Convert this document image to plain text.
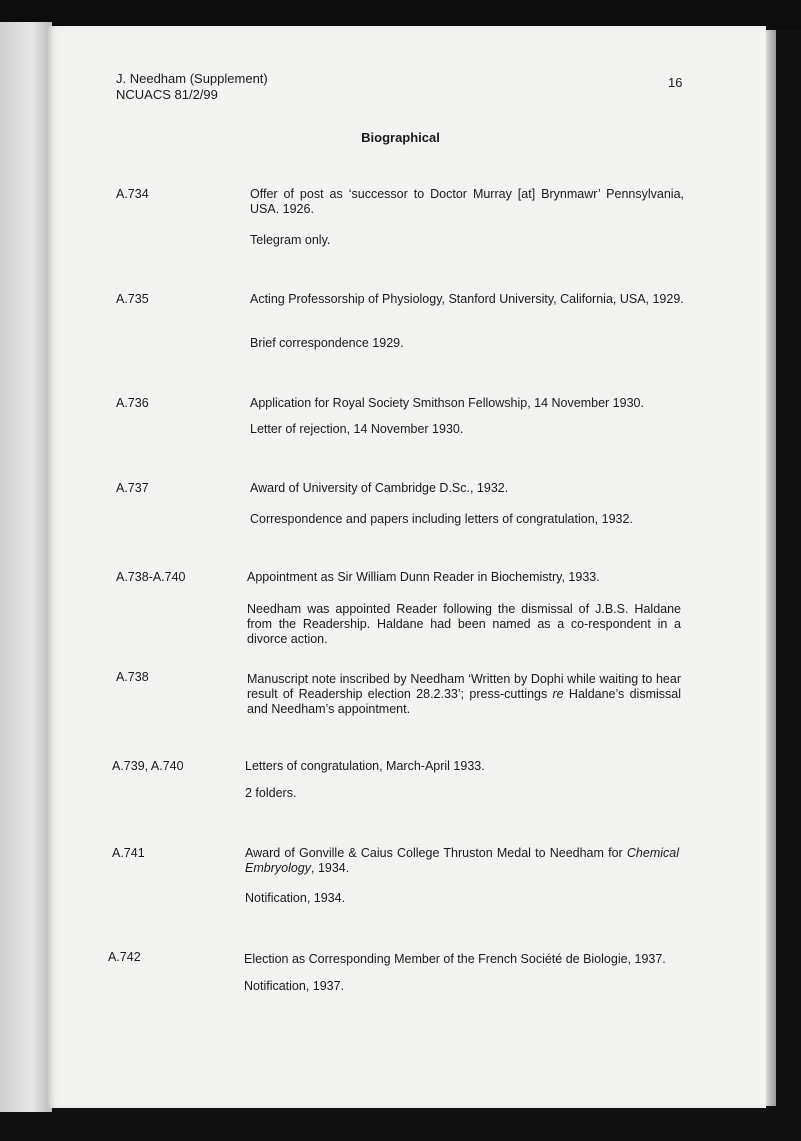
J. Needham (Supplement)
NCUACS 81/2/99
16
Biographical
A.734	Offer of post as ‘successor to Doctor Murray [at] Brynmawr’ Pennsylvania, USA. 1926.
Telegram only.
A.735	Acting Professorship of Physiology, Stanford University, California, USA, 1929.
Brief correspondence 1929.
A.736	Application for Royal Society Smithson Fellowship, 14 November 1930.
Letter of rejection, 14 November 1930.
A.737	Award of University of Cambridge D.Sc., 1932.
Correspondence and papers including letters of congratulation, 1932.
A.738-A.740	Appointment as Sir William Dunn Reader in Biochemistry, 1933.
Needham was appointed Reader following the dismissal of J.B.S. Haldane from the Readership. Haldane had been named as a co-respondent in a divorce action.
A.738	Manuscript note inscribed by Needham ‘Written by Dophi while waiting to hear result of Readership election 28.2.33’; press-cuttings re Haldane’s dismissal and Needham’s appointment.
A.739, A.740	Letters of congratulation, March-April 1933.
2 folders.
A.741	Award of Gonville & Caius College Thruston Medal to Needham for Chemical Embryology, 1934.
Notification, 1934.
A.742	Election as Corresponding Member of the French Société de Biologie, 1937.
Notification, 1937.
